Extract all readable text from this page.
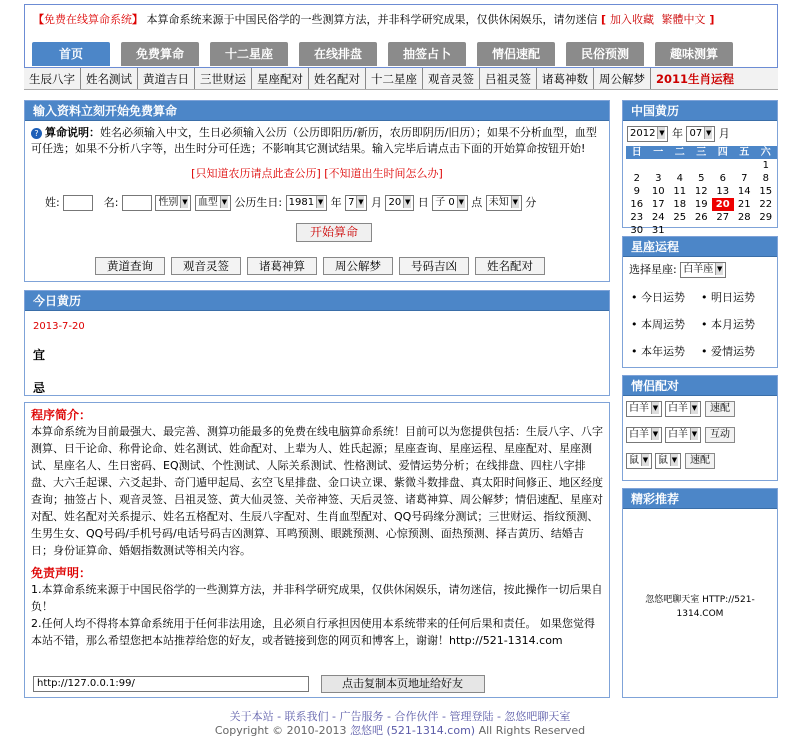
【免费在线算命系统】 本算命系统来源于中国民俗学的一些测算方法，并非科学研究成果，仅供休闲娱乐，请勿迷信 [ 加入收藏 繁體中文 ]
首页	免费算命	十二星座	在线排盘	抽签占卜	情侣速配	民俗预测	趣味测算
生辰八字 姓名测试 黄道吉日 三世财运 星座配对 姓名配对 十二星座 观音灵签 吕祖灵签 诸葛神数 周公解梦 2011生肖运程
输入资料立刻开始免费算命
? 算命说明：姓名必须输入中文，生日必须输入公历（公历即阳历/新历，农历即阴历/旧历）；如果不分析血型，血型可任选；如果不分析八字等，出生时分可任选；不影响其它测试结果。输入完毕后请点击下面的开始算命按钮开始!
[只知道农历请点此查公历] [不知道出生时间怎么办]
姓:	名:	性别 ▼ 血型 ▼ 公历生日: 1981 ▼ 年 7 ▼ 月 20 ▼ 日 子 0 ▼ 点 未知 ▼ 分
开始算命
黄道查询	观音灵签	诸葛神算	周公解梦	号码吉凶	姓名配对
今日黄历
2013-7-20
宜
忌
程序简介：

本算命系统为目前最强大、最完善、测算功能最多的免费在线电脑算命系统！目前可以为您提供包括：生辰八字、八字测算、日干论命、称骨论命、姓名测试、姓命配对、上辈为人、姓氏起源；星座查询、星座运程、星座配对、星座测试、星座名人、生日密码、EQ测试、个性测试、人际关系测试、性格测试、爱情运势分析；在线排盘、四柱八字排盘、大六壬起课、六爻起卦、奇门遁甲起局、玄空飞星排盘、金口诀立课、紫微斗数排盘、真太阳时间修正、地区经度查询；抽签占卜、观音灵签、吕祖灵签、黄大仙灵签、关帝神签、天后灵签、诸葛神算、周公解梦；情侣速配、星座对对配、姓名配对关系提示、姓名五格配对、生辰八字配对、生肖血型配对、QQ号码缘分测试；三世财运、指纹预测、生男生女、QQ号码/手机号码/电话号码吉凶测算、耳鸣预测、眼跳预测、心惊预测、面热预测、择吉黄历、结婚吉日；身份证算命、婚姻指数测试等相关内容。

免责声明：

1.本算命系统来源于中国民俗学的一些测算方法，并非科学研究成果，仅供休闲娱乐，请勿迷信，按此操作一切后果自负！

2.任何人均不得将本算命系统用于任何非法用途，且必须自行承担因使用本系统带来的任何后果和责任。 如果您觉得本站不错，那么希望您把本站推荐给您的好友，或者链接到您的网页和博客上，谢谢！http://521-1314.com

http://127.0.0.1:99/	点击复制本页地址给好友
中国黄历
2012 ▼ 年 07 ▼ 月
日	一	二	三	四	五	六
						1
2	3	4	5	6	7	8
9	10	11	12	13	14	15
16	17	18	19	20	21	22
23	24	25	26	27	28	29
30	31					
星座运程
选择星座: 白羊座 ▼
• 今日运势	• 明日运势
• 本周运势	• 本月运势
• 本年运势	• 爱情运势
情侣配对
白羊 ▼ 白羊 ▼ 速配
白羊 ▼ 白羊 ▼ 互动
鼠 ▼ 鼠 ▼ 速配
精彩推荐
忽悠吧聊天室 HTTP://521-1314.COM
关于本站 - 联系我们 - 广告服务 - 合作伙伴 - 管理登陆 - 忽悠吧聊天室
Copyright © 2010-2013 忽悠吧 (521-1314.com) All Rights Reserved
